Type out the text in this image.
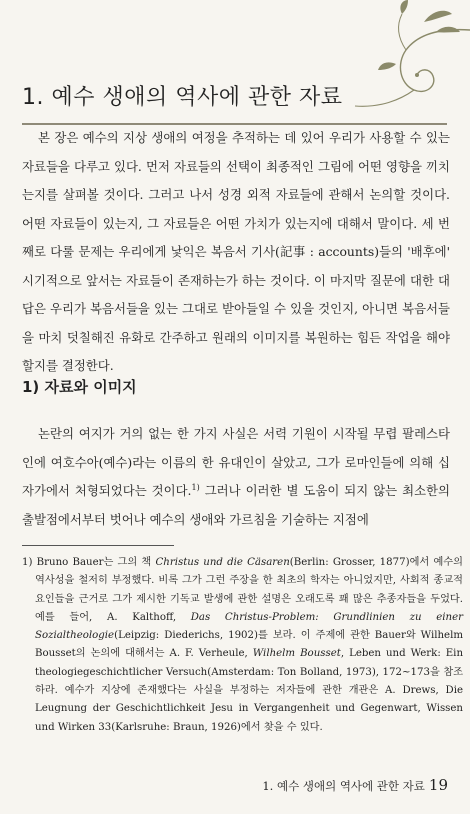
1. 예수 생애의 역사에 관한 자료

본 장은 예수의 지상 생애의 여정을 추적하는 데 있어 우리가 사용할 수 있는 자료들을 다루고 있다. 먼저 자료들의 선택이 최종적인 그림에 어떤 영향을 끼치는지를 살펴볼 것이다. 그러고 나서 성경 외적 자료들에 관해서 논의할 것이다. 어떤 자료들이 있는지, 그 자료들은 어떤 가치가 있는지에 대해서 말이다. 세 번째로 다룰 문제는 우리에게 낯익은 복음서 기사(記事 : accounts)들의 '배후에' 시기적으로 앞서는 자료들이 존재하는가 하는 것이다. 이 마지막 질문에 대한 대답은 우리가 복음서들을 있는 그대로 받아들일 수 있을 것인지, 아니면 복음서들을 마치 덧칠해진 유화로 간주하고 원래의 이미지를 복원하는 힘든 작업을 해야 할지를 결정한다.

1) 자료와 이미지

논란의 여지가 거의 없는 한 가지 사실은 서력 기원이 시작될 무렵 팔레스타인에 여호수아(예수)라는 이름의 한 유대인이 살았고, 그가 로마인들에 의해 십자가에서 처형되었다는 것이다.$^{1)}$ 그러나 이러한 별 도움이 되지 않는 최소한의 출발점에서부터 벗어나 예수의 생애와 가르침을 기술하는 지점에

1) Bruno Bauer는 그의 책 Christus und die Cäsaren(Berlin: Grosser, 1877)에서 예수의 역사성을 철저히 부정했다. 비록 그가 그런 주장을 한 최초의 학자는 아니었지만, 사회적 종교적 요인들을 근거로 그가 제시한 기독교 발생에 관한 설명은 오래도록 꽤 많은 추종자들을 두었다. 예를 들어, A. Kalthoff, Das Christus-Problem: Grundlinien zu einer Sozialtheologie(Leipzig: Diederichs, 1902)를 보라. 이 주제에 관한 Bauer와 Wilhelm Bousset의 논의에 대해서는 A. F. Verheule, Wilhelm Bousset, Leben und Werk: Ein theologiegeschichtlicher Versuch(Amsterdam: Ton Bolland, 1973), 172~173을 참조하라. 예수가 지상에 존재했다는 사실을 부정하는 저자들에 관한 개관은 A. Drews, Die Leugnung der Geschichtlichkeit Jesu in Vergangenheit und Gegenwart, Wissen und Wirken 33(Karlsruhe: Braun, 1926)에서 찾을 수 있다.

1. 예수 생애의 역사에 관한 자료 19
